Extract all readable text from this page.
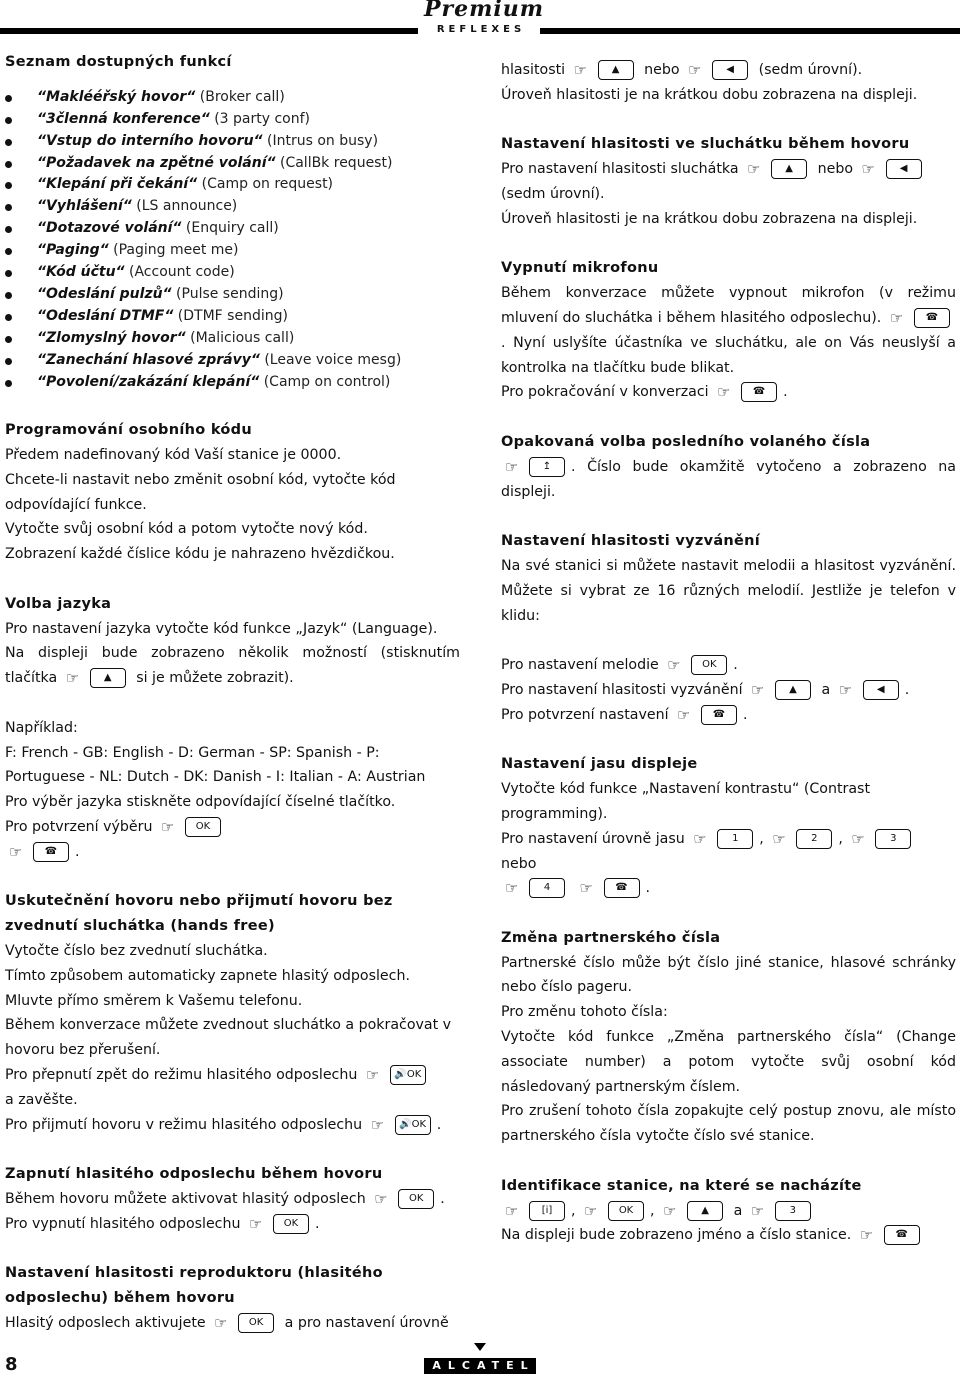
Premium
REFLEXES
Seznam dostupných funkcí
“Maklééřský hovor“ (Broker call)
“3členná konference“ (3 party conf)
“Vstup do interního hovoru“ (Intrus on busy)
“Požadavek na zpětné volání“ (CallBk request)
“Klepání při čekání“ (Camp on request)
“Vyhlášení“ (LS announce)
“Dotazové volání“ (Enquiry call)
“Paging“ (Paging meet me)
“Kód účtu“ (Account code)
“Odeslání pulzů“ (Pulse sending)
“Odeslání DTMF“ (DTMF sending)
“Zlomyslný hovor“ (Malicious call)
“Zanechání hlasové zprávy“ (Leave voice mesg)
“Povolení/zakázání klepání“ (Camp on control)
Programování osobního kódu

Předem nadefinovaný kód Vaší stanice je 0000.

Chcete-li nastavit nebo změnit osobní kód, vytočte kód odpovídající funkce.

Vytočte svůj osobní kód a potom vytočte nový kód.

Zobrazení každé číslice kódu je nahrazeno hvězdičkou.

Volba jazyka

Pro nastavení jazyka vytočte kód funkce „Jazyk“ (Language).

Na displeji bude zobrazeno několik možností (stisknutím tlačítka ☞	▲	si je můžete zobrazit).

Například:

F: French - GB: English - D: German - SP: Spanish - P: Portuguese - NL: Dutch - DK: Danish - I: Italian - A: Austrian

Pro výběr jazyka stiskněte odpovídající číselné tlačítko.

Pro potvrzení výběru ☞	OK

☞	☎	.

Uskutečnění hovoru nebo přijmutí hovoru bez zvednutí sluchátka (hands free)

Vytočte číslo bez zvednutí sluchátka.

Tímto způsobem automaticky zapnete hlasitý odposlech.

Mluvte přímo směrem k Vašemu telefonu.

Během konverzace můžete zvednout sluchátko a pokračovat v hovoru bez přerušení.

Pro přepnutí zpět do režimu hlasitého odposlechu ☞	🔊OK

a zavěšte.

Pro přijmutí hovoru v režimu hlasitého odposlechu ☞	🔊OK .

Zapnutí hlasitého odposlechu během hovoru

Během hovoru můžete aktivovat hlasitý odposlech ☞	OK	.

Pro vypnutí hlasitého odposlechu ☞	OK	.

Nastavení hlasitosti reproduktoru (hlasitého odposlechu) během hovoru

Hlasitý odposlech aktivujete ☞	OK	a pro nastavení úrovně

hlasitosti ☞	▲	nebo ☞	◀	(sedm úrovní).

Úroveň hlasitosti je na krátkou dobu zobrazena na displeji.

Nastavení hlasitosti ve sluchátku během hovoru

Pro nastavení hlasitosti sluchátka ☞	▲	nebo ☞	◀
(sedm úrovní).

Úroveň hlasitosti je na krátkou dobu zobrazena na displeji.

Vypnutí mikrofonu

Během konverzace můžete vypnout mikrofon (v režimu mluvení do sluchátka i během hlasitého odposlechu). ☞	☎
. Nyní uslyšíte účastníka ve sluchátku, ale on Vás neuslyší a kontrolka na tlačítku bude blikat.

Pro pokračování v konverzaci ☞	☎	.

Opakovaná volba posledního volaného čísla

☞	↥	. Číslo bude okamžitě vytočeno a zobrazeno na displeji.

Nastavení hlasitosti vyzvánění

Na své stanici si můžete nastavit melodii a hlasitost vyzvánění. Můžete si vybrat ze 16 různých melodií. Jestliže je telefon v klidu:

Pro nastavení melodie ☞	OK	.

Pro nastavení hlasitosti vyzvánění ☞	▲	a ☞	◀	.

Pro potvrzení nastavení ☞	☎	.

Nastavení jasu displeje

Vytočte kód funkce „Nastavení kontrastu“ (Contrast programming).

Pro nastavení úrovně jasu ☞	1	, ☞	2	, ☞	3
nebo

☞	4
	☞	☎	.

Změna partnerského čísla

Partnerské číslo může být číslo jiné stanice, hlasové schránky nebo číslo pageru.

Pro změnu tohoto čísla:

Vytočte kód funkce „Změna partnerského čísla“ (Change associate number) a potom vytočte svůj osobní kód následovaný partnerským číslem.

Pro zrušení tohoto čísla zopakujte celý postup znovu, ale místo partnerského čísla vytočte číslo své stanice.

Identifikace stanice, na které se nacházíte

☞	[i]	, ☞	OK	, ☞	▲	a ☞	3

Na displeji bude zobrazeno jméno a číslo stanice. ☞	☎

8	ALCATEL
